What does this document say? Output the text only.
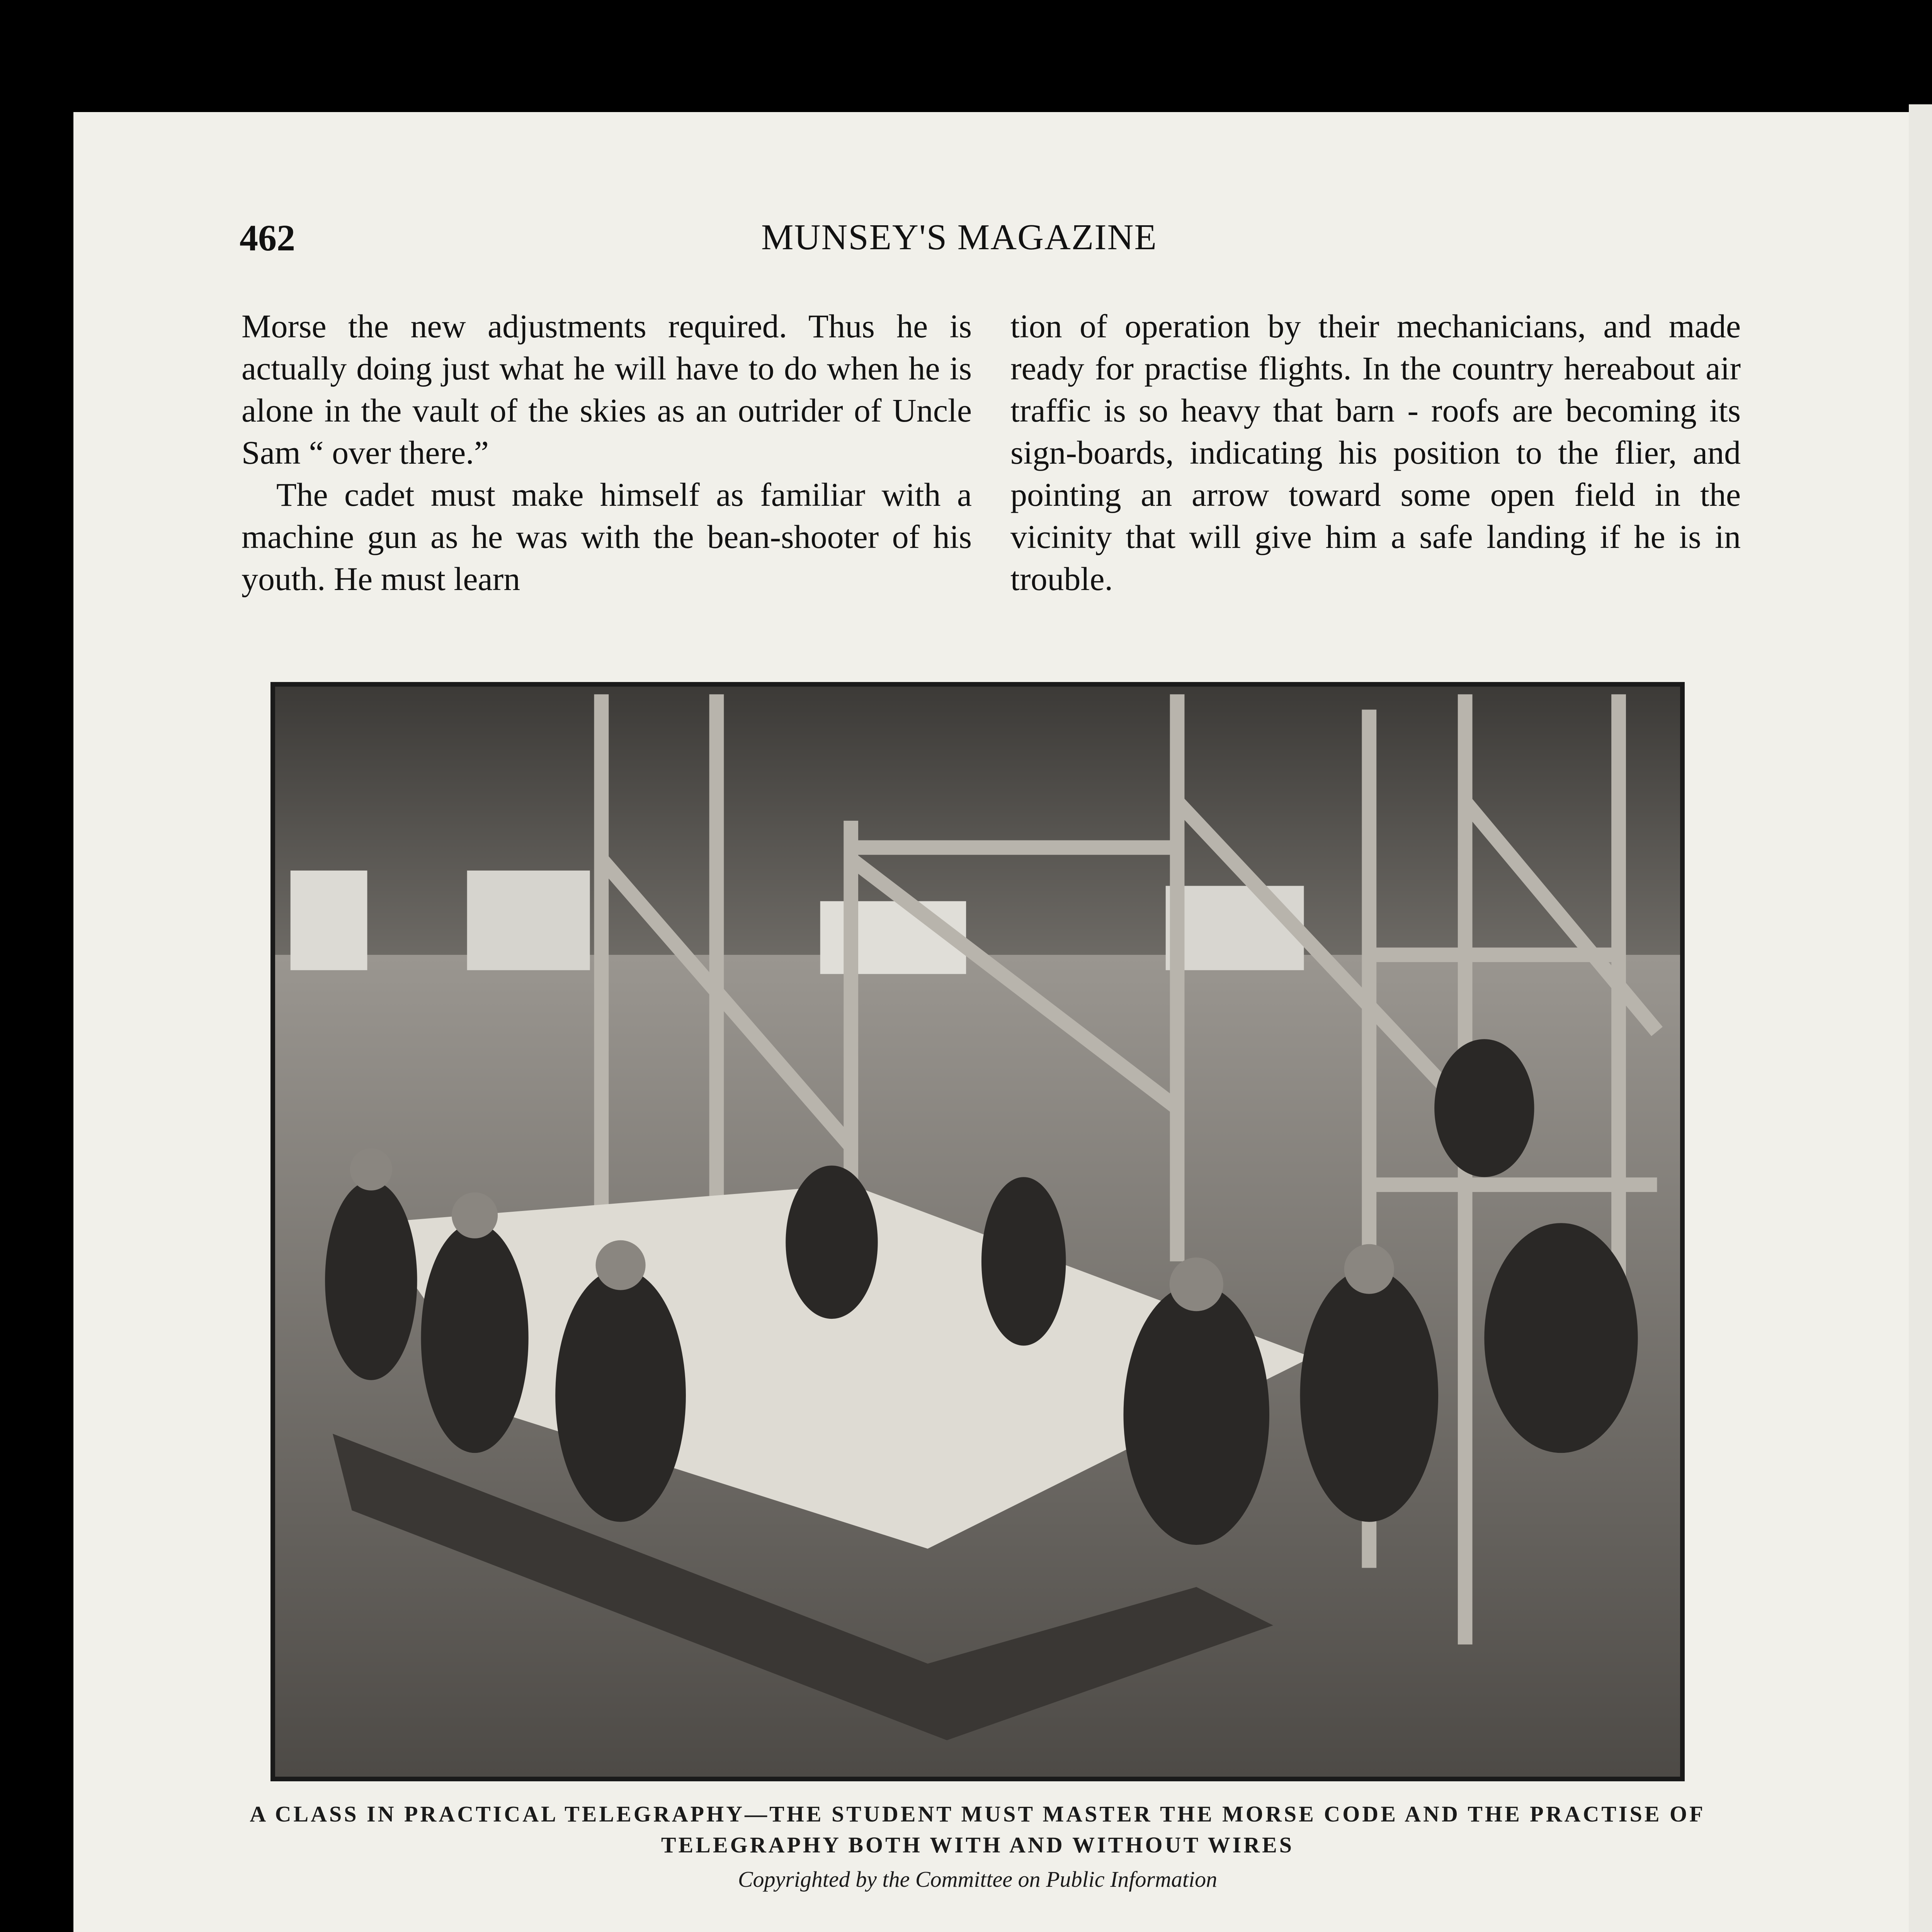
462	MUNSEY'S MAGAZINE

Morse the new adjustments required. Thus he is actually doing just what he will have to do when he is alone in the vault of the skies as an outrider of Uncle Sam “ over there.”

The cadet must make himself as familiar with a machine gun as he was with the bean-shooter of his youth. He must learn

tion of operation by their mechanicians, and made ready for practise flights. In the country hereabout air traffic is so heavy that barn - roofs are becoming its sign-boards, indicating his position to the flier, and pointing an arrow toward some open field in the vicinity that will give him a safe landing if he is in trouble.

A CLASS IN PRACTICAL TELEGRAPHY—THE STUDENT MUST MASTER THE MORSE CODE AND THE PRACTISE OF TELEGRAPHY BOTH WITH AND WITHOUT WIRES
Copyrighted by the Committee on Public Information
